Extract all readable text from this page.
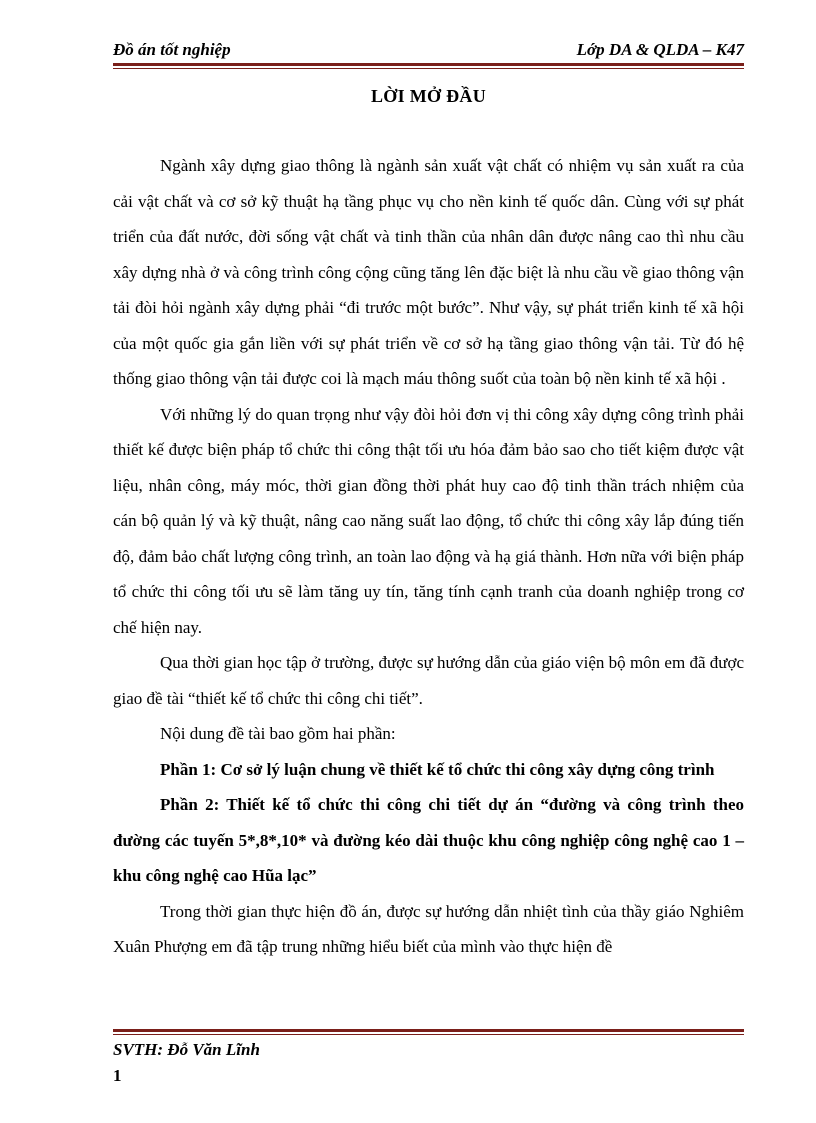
Đồ án tốt nghiệp	Lớp DA & QLDA – K47
LỜI MỞ ĐẦU

Ngành xây dựng giao thông là ngành sản xuất vật chất có nhiệm vụ sản xuất ra của cải vật chất và cơ sở kỹ thuật hạ tầng phục vụ cho nền kinh tế quốc dân. Cùng với sự phát triển của đất nước, đời sống vật chất và tinh thần của nhân dân được nâng cao thì nhu cầu xây dựng nhà ở và công trình công cộng cũng tăng lên đặc biệt là nhu cầu về giao thông vận tải đòi hỏi ngành xây dựng phải “đi trước một bước”. Như vậy, sự phát triển kinh tế xã hội của một quốc gia gắn liền với sự phát triển về cơ sở hạ tầng giao thông vận tải. Từ đó hệ thống giao thông vận tải được coi là mạch máu thông suốt của toàn bộ nền kinh tế xã hội .

Với những lý do quan trọng như vậy đòi hỏi đơn vị thi công xây dựng công trình phải thiết kế được biện pháp tổ chức thi công thật tối ưu hóa đảm bảo sao cho tiết kiệm được vật liệu, nhân công, máy móc, thời gian đồng thời phát huy cao độ tinh thần trách nhiệm của cán bộ quản lý và kỹ thuật, nâng cao năng suất lao động, tổ chức thi công xây lắp đúng tiến độ, đảm bảo chất lượng công trình, an toàn lao động và hạ giá thành. Hơn nữa với biện pháp tổ chức thi công tối ưu sẽ làm tăng uy tín, tăng tính cạnh tranh của doanh nghiệp trong cơ chế hiện nay.

Qua thời gian học tập ở trường, được sự hướng dẫn của giáo viện bộ môn em đã được giao đề tài “thiết kế tổ chức thi công chi tiết”.

Nội dung đề tài bao gồm hai phần:

Phần 1: Cơ sở lý luận chung về thiết kế tổ chức thi công xây dựng công trình

Phần 2: Thiết kế tổ chức thi công chi tiết dự án “đường và công trình theo đường các tuyến 5*,8*,10* và đường kéo dài thuộc khu công nghiệp công nghệ cao 1 – khu công nghệ cao Hũa lạc”

Trong thời gian thực hiện đồ án, được sự hướng dẫn nhiệt tình của thầy giáo Nghiêm Xuân Phượng em đã tập trung những hiểu biết của mình vào thực hiện đề

SVTH: Đỗ Văn Lĩnh
1
